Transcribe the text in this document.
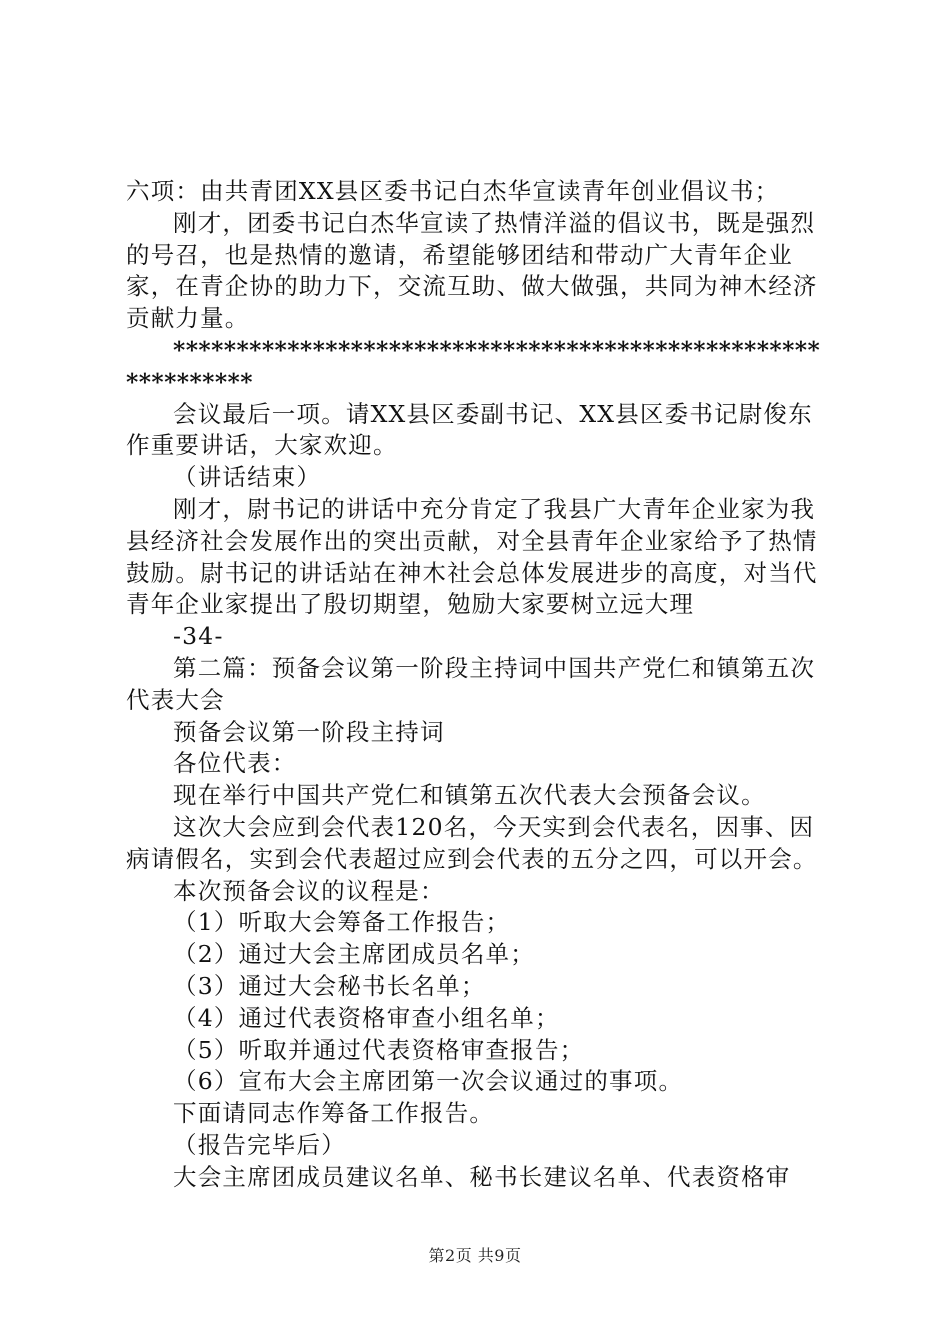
六项：由共青团XX县区委书记白杰华宣读青年创业倡议书；

刚才，团委书记白杰华宣读了热情洋溢的倡议书，既是强烈的号召，也是热情的邀请，希望能够团结和带动广大青年企业家，在青企协的助力下，交流互助、做大做强，共同为神木经济贡献力量。

*************************************************************

会议最后一项。请XX县区委副书记、XX县区委书记尉俊东作重要讲话，大家欢迎。

（讲话结束）

刚才，尉书记的讲话中充分肯定了我县广大青年企业家为我县经济社会发展作出的突出贡献，对全县青年企业家给予了热情鼓励。尉书记的讲话站在神木社会总体发展进步的高度，对当代青年企业家提出了殷切期望，勉励大家要树立远大理

-34-

第二篇：预备会议第一阶段主持词中国共产党仁和镇第五次代表大会

预备会议第一阶段主持词

各位代表：

现在举行中国共产党仁和镇第五次代表大会预备会议。

这次大会应到会代表120名，今天实到会代表名，因事、因病请假名，实到会代表超过应到会代表的五分之四，可以开会。

本次预备会议的议程是：

（1）听取大会筹备工作报告；

（2）通过大会主席团成员名单；

（3）通过大会秘书长名单；

（4）通过代表资格审查小组名单；

（5）听取并通过代表资格审查报告；

（6）宣布大会主席团第一次会议通过的事项。

下面请同志作筹备工作报告。

（报告完毕后）

大会主席团成员建议名单、秘书长建议名单、代表资格审

第2页 共9页
